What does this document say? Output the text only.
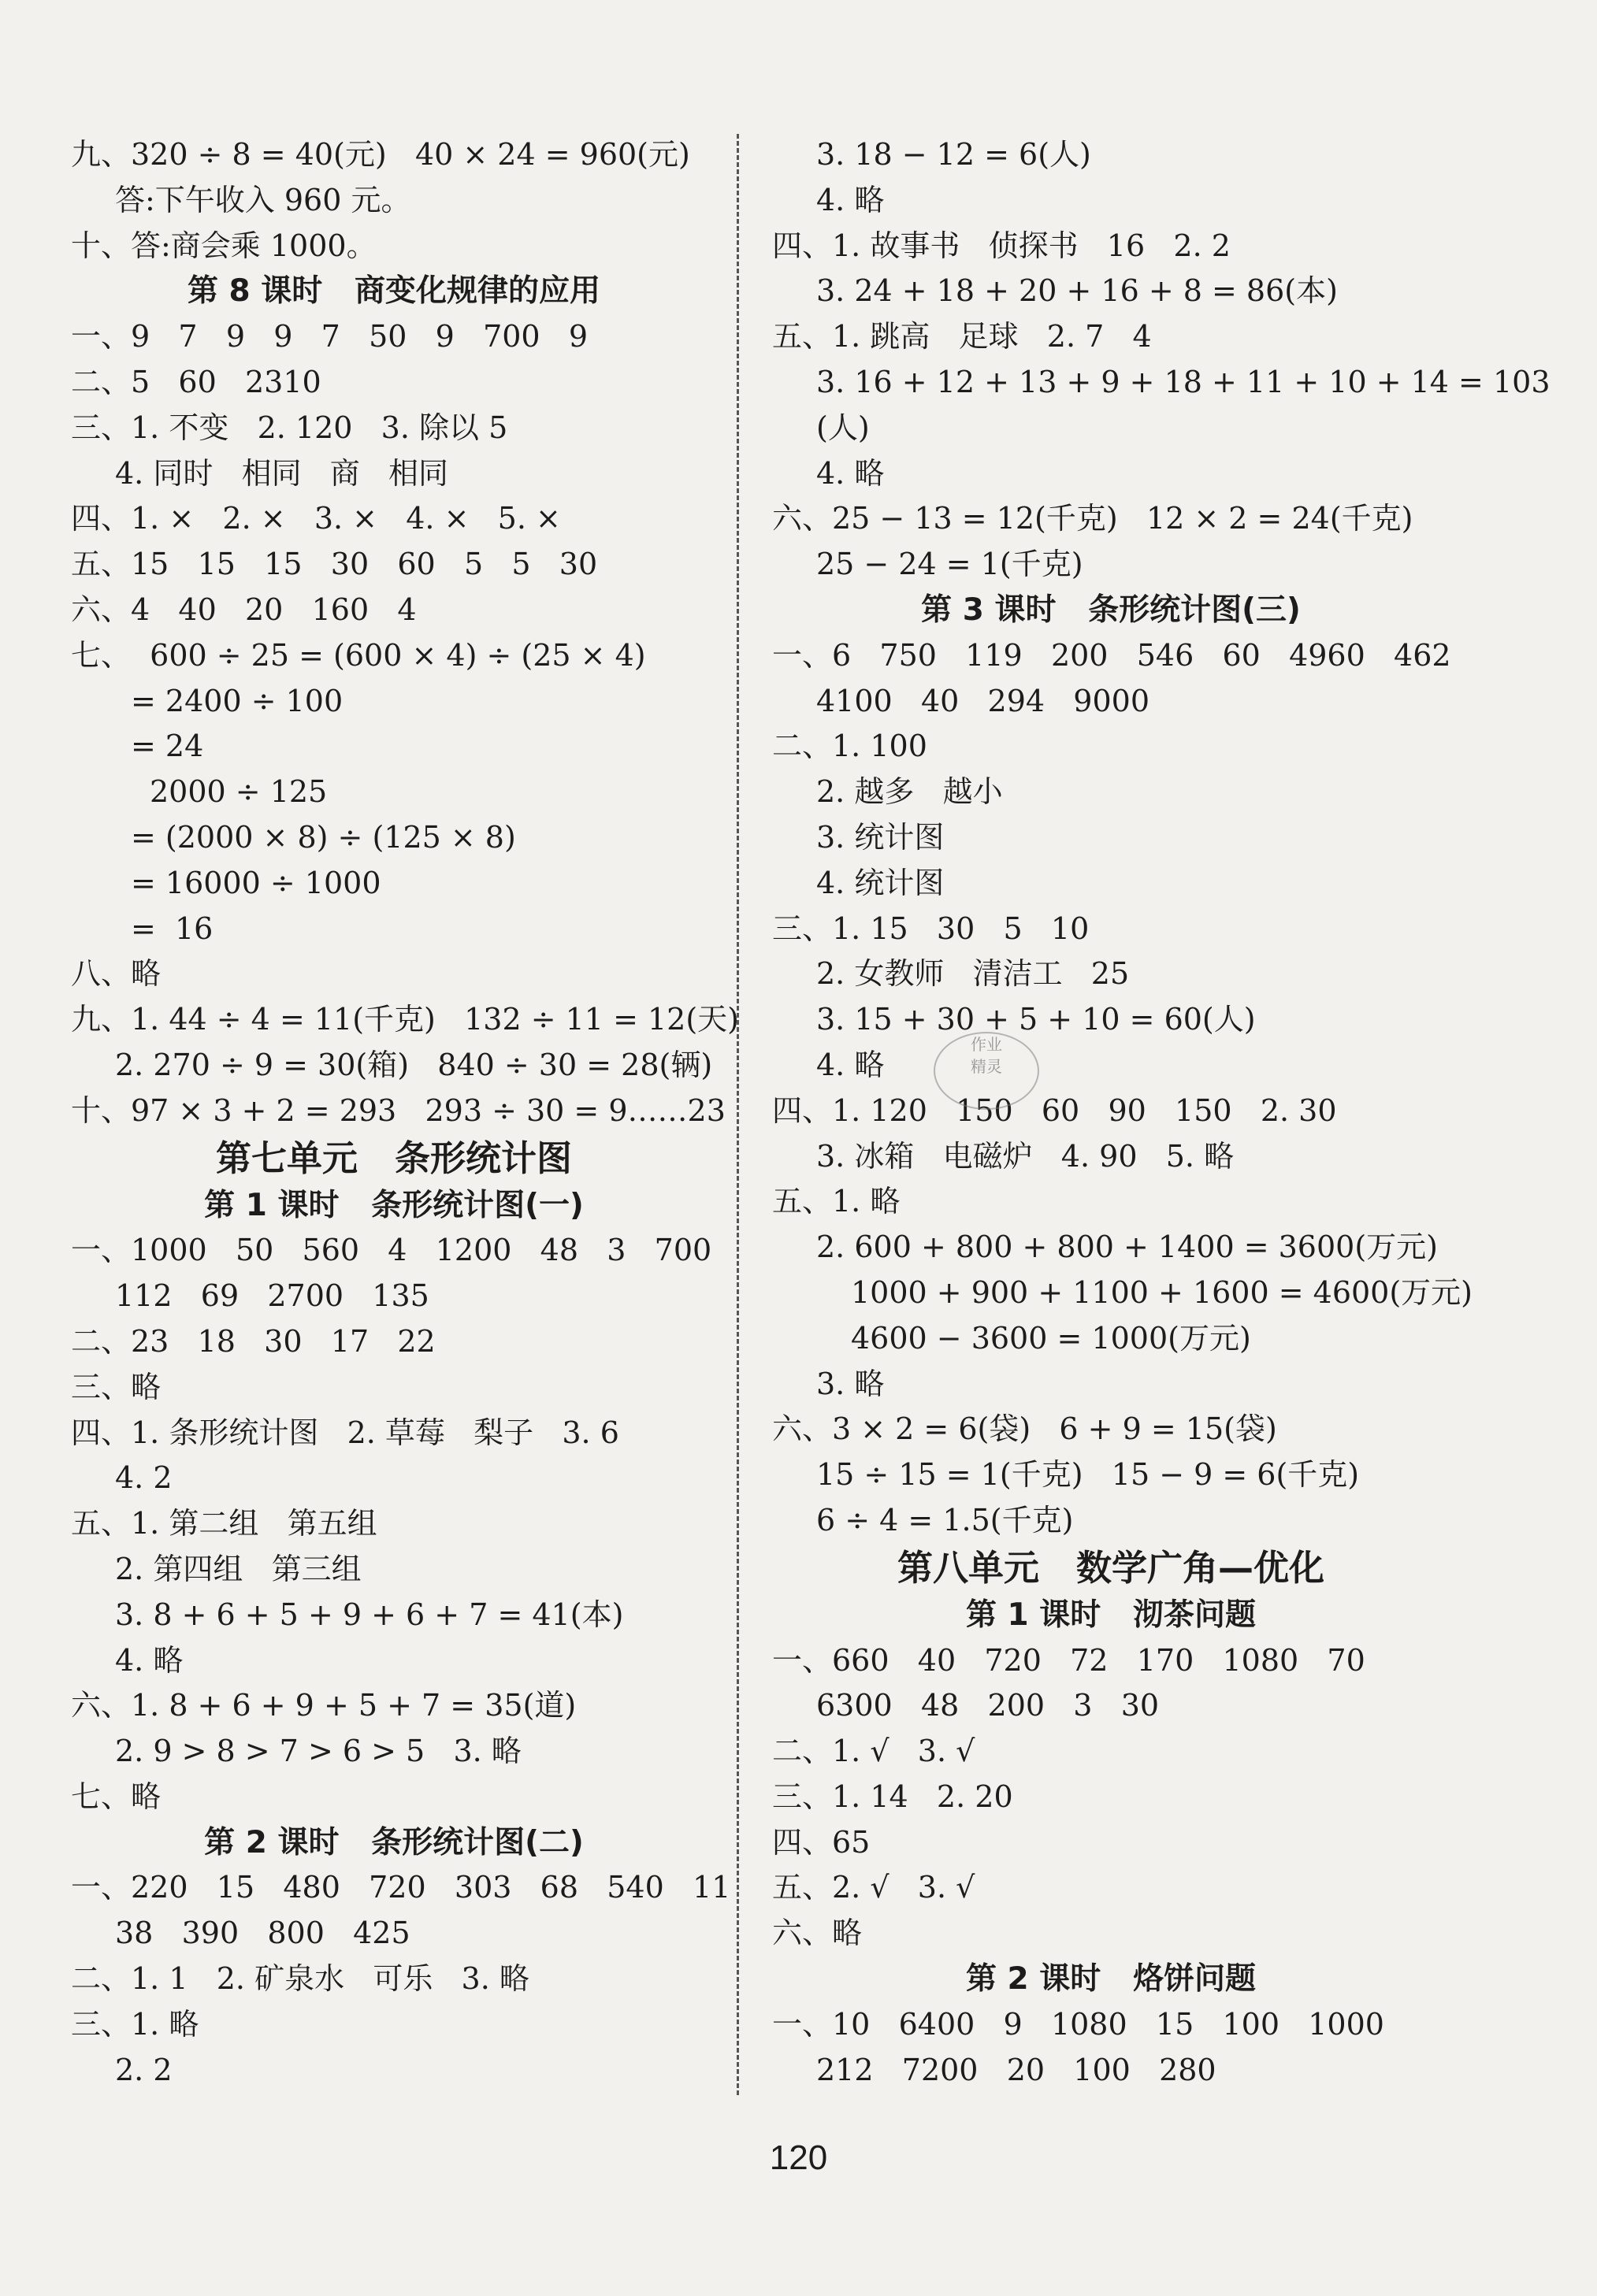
九、320 ÷ 8 = 40(元)   40 × 24 = 960(元)
答:下午收入 960 元。
十、答:商会乘 1000。
第 8 课时   商变化规律的应用
一、9   7   9   9   7   50   9   700   9
二、5   60   2310
三、1. 不变   2. 120   3. 除以 5
4. 同时   相同   商   相同
四、1. ×   2. ×   3. ×   4. ×   5. ×
五、15   15   15   30   60   5   5   30
六、4   40   20   160   4
七、  600 ÷ 25 = (600 × 4) ÷ (25 × 4)
= 2400 ÷ 100
= 24
2000 ÷ 125
= (2000 × 8) ÷ (125 × 8)
= 16000 ÷ 1000
=  16
八、略
九、1. 44 ÷ 4 = 11(千克)   132 ÷ 11 = 12(天)
2. 270 ÷ 9 = 30(箱)   840 ÷ 30 = 28(辆)
十、97 × 3 + 2 = 293   293 ÷ 30 = 9……23
第七单元   条形统计图
第 1 课时   条形统计图(一)
一、1000   50   560   4   1200   48   3   700
112   69   2700   135
二、23   18   30   17   22
三、略
四、1. 条形统计图   2. 草莓   梨子   3. 6
4. 2
五、1. 第二组   第五组
2. 第四组   第三组
3. 8 + 6 + 5 + 9 + 6 + 7 = 41(本)
4. 略
六、1. 8 + 6 + 9 + 5 + 7 = 35(道)
2. 9 > 8 > 7 > 6 > 5   3. 略
七、略
第 2 课时   条形统计图(二)
一、220   15   480   720   303   68   540   11
38   390   800   425
二、1. 1   2. 矿泉水   可乐   3. 略
三、1. 略
2. 2
3. 18 − 12 = 6(人)
4. 略
四、1. 故事书   侦探书   16   2. 2
3. 24 + 18 + 20 + 16 + 8 = 86(本)
五、1. 跳高   足球   2. 7   4
3. 16 + 12 + 13 + 9 + 18 + 11 + 10 + 14 = 103
(人)
4. 略
六、25 − 13 = 12(千克)   12 × 2 = 24(千克)
25 − 24 = 1(千克)
第 3 课时   条形统计图(三)
一、6   750   119   200   546   60   4960   462
4100   40   294   9000
二、1. 100
2. 越多   越小
3. 统计图
4. 统计图
三、1. 15   30   5   10
2. 女教师   清洁工   25
3. 15 + 30 + 5 + 10 = 60(人)
4. 略
四、1. 120   150   60   90   150   2. 30
3. 冰箱   电磁炉   4. 90   5. 略
五、1. 略
2. 600 + 800 + 800 + 1400 = 3600(万元)
1000 + 900 + 1100 + 1600 = 4600(万元)
4600 − 3600 = 1000(万元)
3. 略
六、3 × 2 = 6(袋)   6 + 9 = 15(袋)
15 ÷ 15 = 1(千克)   15 − 9 = 6(千克)
6 ÷ 4 = 1.5(千克)
第八单元   数学广角—优化
第 1 课时   沏茶问题
一、660   40   720   72   170   1080   70
6300   48   200   3   30
二、1. √   3. √
三、1. 14   2. 20
四、65
五、2. √   3. √
六、略
第 2 课时   烙饼问题
一、10   6400   9   1080   15   100   1000
212   7200   20   100   280
作业
精灵
120
